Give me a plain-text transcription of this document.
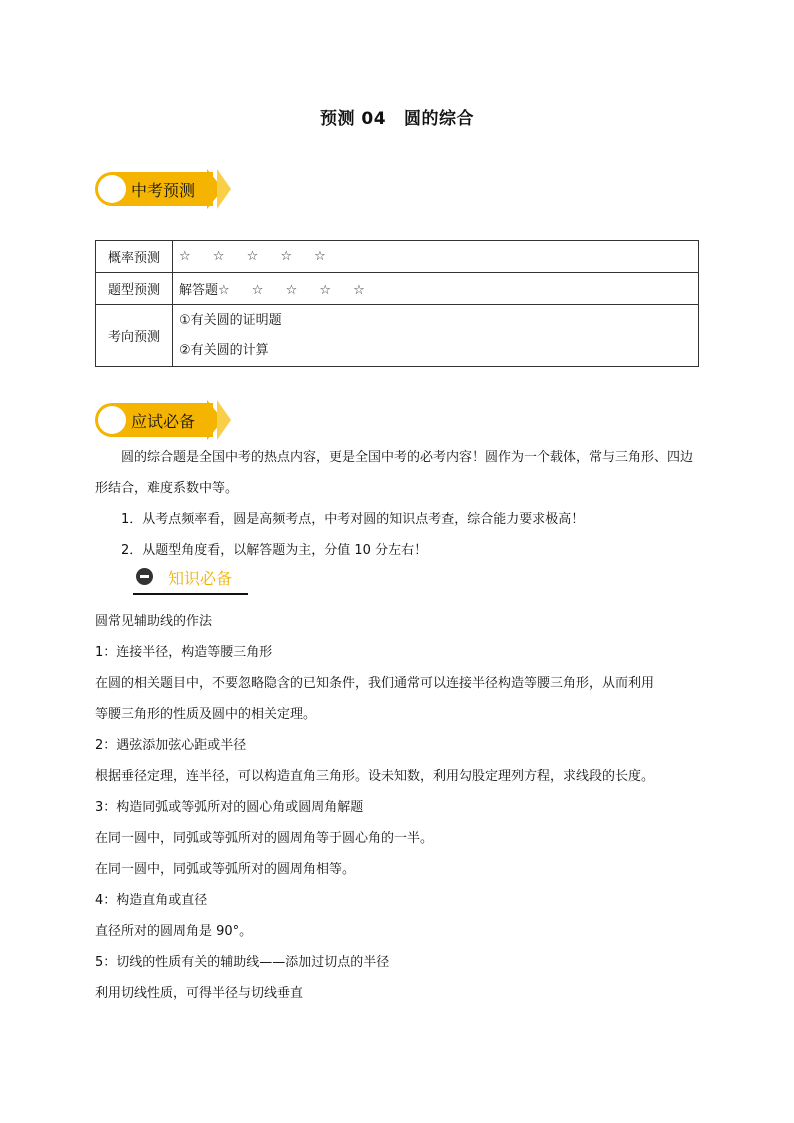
预测 04 圆的综合
中考预测
概率预测	☆ ☆ ☆ ☆ ☆
题型预测	解答题☆ ☆ ☆ ☆ ☆
考向预测	①有关圆的证明题
②有关圆的计算
应试必备
圆的综合题是全国中考的热点内容，更是全国中考的必考内容！圆作为一个载体，常与三角形、四边形结合，难度系数中等。
1．从考点频率看，圆是高频考点，中考对圆的知识点考查，综合能力要求极高！
2．从题型角度看，以解答题为主，分值 10 分左右！
知识必备
圆常见辅助线的作法
1：连接半径，构造等腰三角形
在圆的相关题目中，不要忽略隐含的已知条件，我们通常可以连接半径构造等腰三角形，从而利用
等腰三角形的性质及圆中的相关定理。
2：遇弦添加弦心距或半径
根据垂径定理，连半径，可以构造直角三角形。设未知数，利用勾股定理列方程，求线段的长度。
3：构造同弧或等弧所对的圆心角或圆周角解题
在同一圆中，同弧或等弧所对的圆周角等于圆心角的一半。
在同一圆中，同弧或等弧所对的圆周角相等。
4：构造直角或直径
直径所对的圆周角是 90°。
5：切线的性质有关的辅助线——添加过切点的半径
利用切线性质，可得半径与切线垂直
